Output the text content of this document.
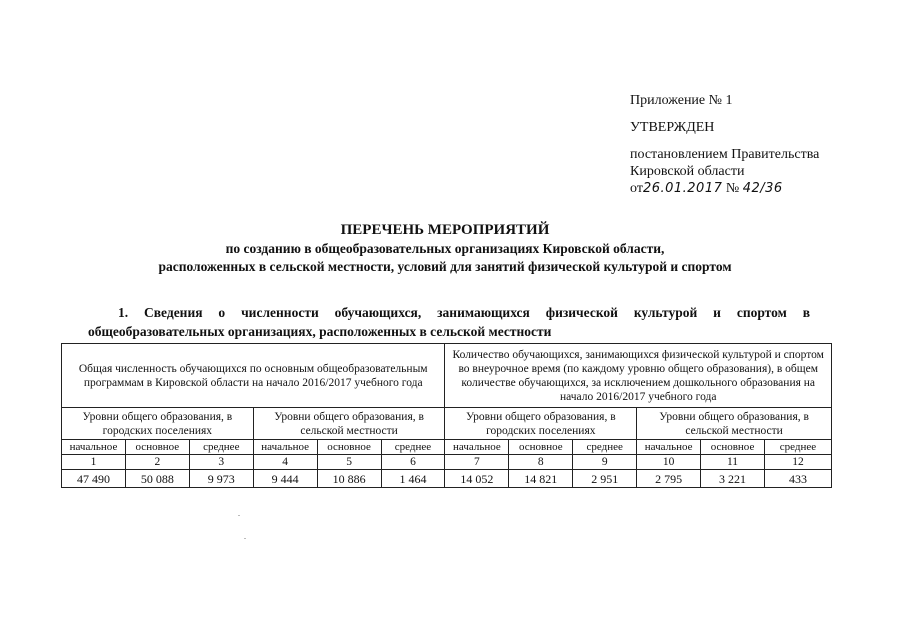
Приложение № 1
УТВЕРЖДЕН
постановлением Правительства
Кировской области
от26.01.2017 № 42/36
ПЕРЕЧЕНЬ МЕРОПРИЯТИЙ
по созданию в общеобразовательных организациях Кировской области,
расположенных в сельской местности, условий для занятий физической культурой и спортом
1. Сведения о численности обучающихся, занимающихся физической культурой и спортом в общеобразовательных организациях, расположенных в сельской местности
Общая численность обучающихся по основным общеобразовательным программам в Кировской области на начало 2016/2017 учебного года						Количество обучающихся, занимающихся физической культурой и спортом во внеурочное время (по каждому уровню общего образования), в общем количестве обучающихся, за исключением дошкольного образования на начало 2016/2017 учебного года					
Уровни общего образования, в городских поселениях			Уровни общего образования, в сельской местности			Уровни общего образования, в городских поселениях			Уровни общего образования, в сельской местности		
начальное	основное	среднее	начальное	основное	среднее	начальное	основное	среднее	начальное	основное	среднее
1	2	3	4	5	6	7	8	9	10	11	12
47 490	50 088	9 973	9 444	10 886	1 464	14 052	14 821	2 951	2 795	3 221	433
